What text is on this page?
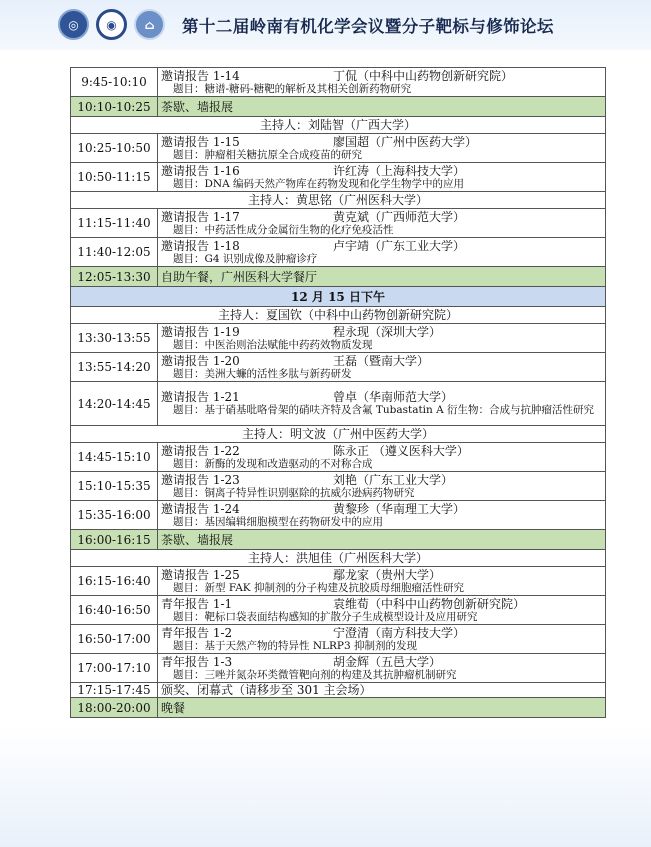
◎	◉	⌂	第十二届岭南有机化学会议暨分子靶标与修饰论坛
9:45-10:10	邀请报告 1-14 丁侃（中科中山药物创新研究院）
题目：糖谱-糖码-糖靶的解析及其相关创新药物研究

10:10-10:25	茶歇、墙报展
主持人：刘陆智（广西大学）	
10:25-10:50	邀请报告 1-15 廖国超（广州中医药大学）
题目：肿瘤相关糖抗原全合成疫苗的研究

10:50-11:15	邀请报告 1-16 许红涛（上海科技大学）
题目：DNA 编码天然产物库在药物发现和化学生物学中的应用

主持人：黄思铭（广州医科大学）	
11:15-11:40	邀请报告 1-17 黄克斌（广西师范大学）
题目：中药活性成分金属衍生物的化疗免疫活性

11:40-12:05	邀请报告 1-18 卢宇靖（广东工业大学）
题目：G4 识别成像及肿瘤诊疗

12:05-13:30	自助午餐，广州医科大学餐厅
12 月 15 日下午	
主持人：夏国钦（中科中山药物创新研究院）	
13:30-13:55	邀请报告 1-19 程永现（深圳大学）
题目：中医治则治法赋能中药药效物质发现

13:55-14:20	邀请报告 1-20 王磊（暨南大学）
题目：美洲大蠊的活性多肽与新药研发

14:20-14:45	邀请报告 1-21 曾卓（华南师范大学）
题目：基于硝基吡咯骨架的硝呋齐特及含氟 Tubastatin A 衍生物：合成与抗肿瘤活性研究

主持人：明文波（广州中医药大学）	
14:45-15:10	邀请报告 1-22 陈永正 （遵义医科大学）
题目：新酶的发现和改造驱动的不对称合成

15:10-15:35	邀请报告 1-23 刘艳（广东工业大学）
题目：铜离子特异性识别驱除的抗威尔逊病药物研究

15:35-16:00	邀请报告 1-24 黄黎珍（华南理工大学）
题目：基因编辑细胞模型在药物研发中的应用

16:00-16:15	茶歇、墙报展
主持人：洪旭佳（广州医科大学）	
16:15-16:40	邀请报告 1-25 鄢龙家（贵州大学）
题目：新型 FAK 抑制剂的分子构建及抗胶质母细胞瘤活性研究

16:40-16:50	青年报告 1-1 袁维荀（中科中山药物创新研究院）
题目：靶标口袋表面结构感知的扩散分子生成模型设计及应用研究

16:50-17:00	青年报告 1-2 宁澄清（南方科技大学）
题目：基于天然产物的特异性 NLRP3 抑制剂的发现

17:00-17:10	青年报告 1-3 胡金辉（五邑大学）
题目：三唑并氮杂环类微管靶向剂的构建及其抗肿瘤机制研究

17:15-17:45	颁奖、闭幕式（请移步至 301 主会场）
18:00-20:00	晚餐
